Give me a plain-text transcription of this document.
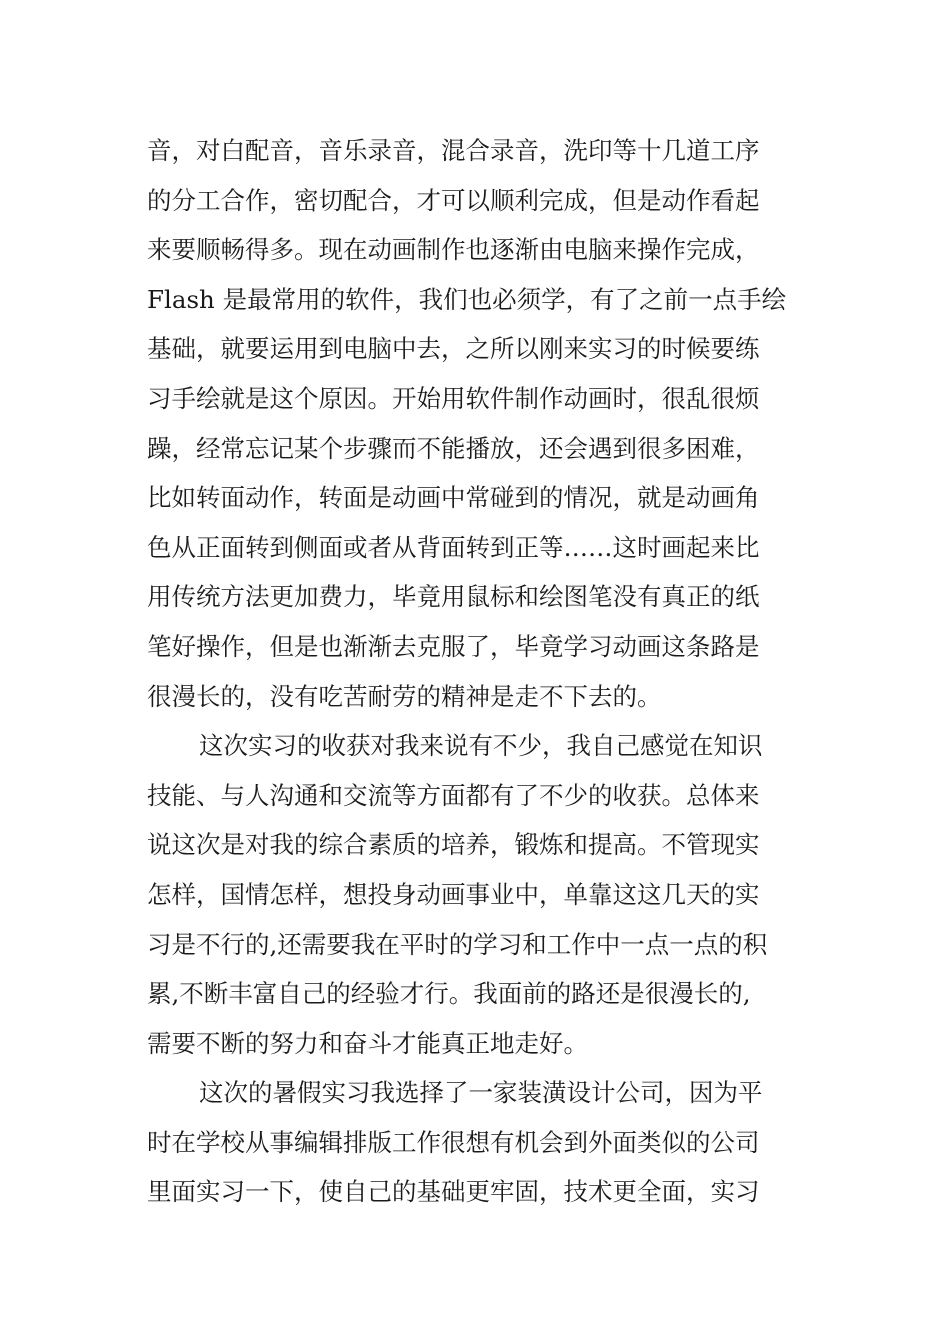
音，对白配音，音乐录音，混合录音，洗印等十几道工序
的分工合作，密切配合，才可以顺利完成，但是动作看起
来要顺畅得多。现在动画制作也逐渐由电脑来操作完成，
Flash 是最常用的软件，我们也必须学，有了之前一点手绘
基础，就要运用到电脑中去，之所以刚来实习的时候要练
习手绘就是这个原因。开始用软件制作动画时，很乱很烦
躁，经常忘记某个步骤而不能播放，还会遇到很多困难，
比如转面动作，转面是动画中常碰到的情况，就是动画角
色从正面转到侧面或者从背面转到正等……这时画起来比
用传统方法更加费力，毕竟用鼠标和绘图笔没有真正的纸
笔好操作，但是也渐渐去克服了，毕竟学习动画这条路是
很漫长的，没有吃苦耐劳的精神是走不下去的。
这次实习的收获对我来说有不少，我自己感觉在知识
技能、与人沟通和交流等方面都有了不少的收获。总体来
说这次是对我的综合素质的培养，锻炼和提高。不管现实
怎样，国情怎样，想投身动画事业中，单靠这这几天的实
习是不行的,还需要我在平时的学习和工作中一点一点的积
累,不断丰富自己的经验才行。我面前的路还是很漫长的,
需要不断的努力和奋斗才能真正地走好。
这次的暑假实习我选择了一家装潢设计公司，因为平
时在学校从事编辑排版工作很想有机会到外面类似的公司
里面实习一下，使自己的基础更牢固，技术更全面，实习
